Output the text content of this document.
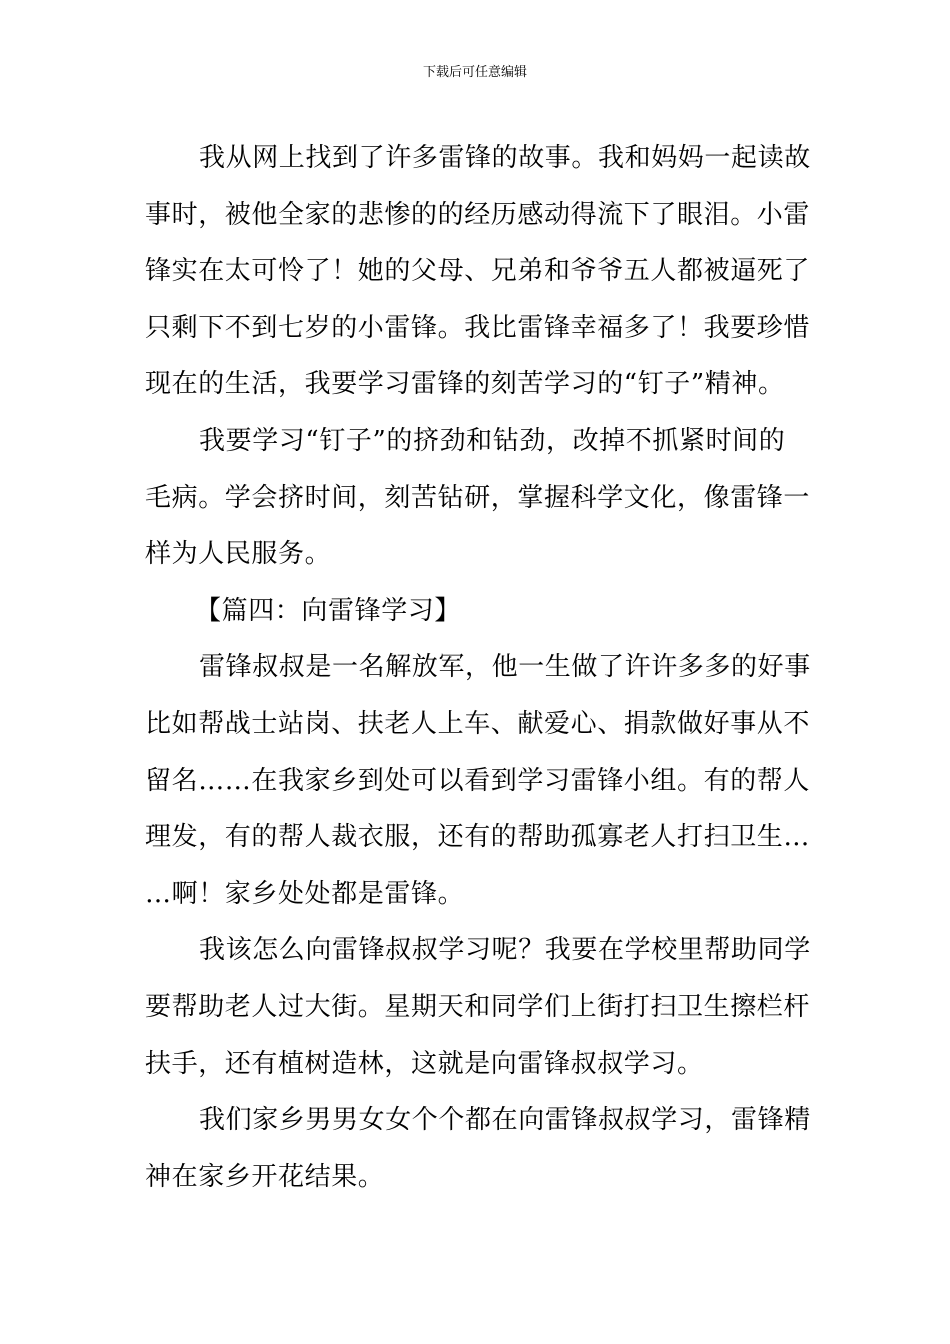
下载后可任意编辑
我从网上找到了许多雷锋的故事。我和妈妈一起读故
事时，被他全家的悲惨的的经历感动得流下了眼泪。小雷
锋实在太可怜了！她的父母、兄弟和爷爷五人都被逼死了
只剩下不到七岁的小雷锋。我比雷锋幸福多了！我要珍惜
现在的生活，我要学习雷锋的刻苦学习的“钉子”精神。
我要学习“钉子”的挤劲和钻劲，改掉不抓紧时间的
毛病。学会挤时间，刻苦钻研，掌握科学文化，像雷锋一
样为人民服务。
【篇四：向雷锋学习】
雷锋叔叔是一名解放军，他一生做了许许多多的好事
比如帮战士站岗、扶老人上车、献爱心、捐款做好事从不
留名……在我家乡到处可以看到学习雷锋小组。有的帮人
理发，有的帮人裁衣服，还有的帮助孤寡老人打扫卫生…
…啊！家乡处处都是雷锋。
我该怎么向雷锋叔叔学习呢？我要在学校里帮助同学
要帮助老人过大街。星期天和同学们上街打扫卫生擦栏杆
扶手，还有植树造林，这就是向雷锋叔叔学习。
我们家乡男男女女个个都在向雷锋叔叔学习，雷锋精
神在家乡开花结果。
